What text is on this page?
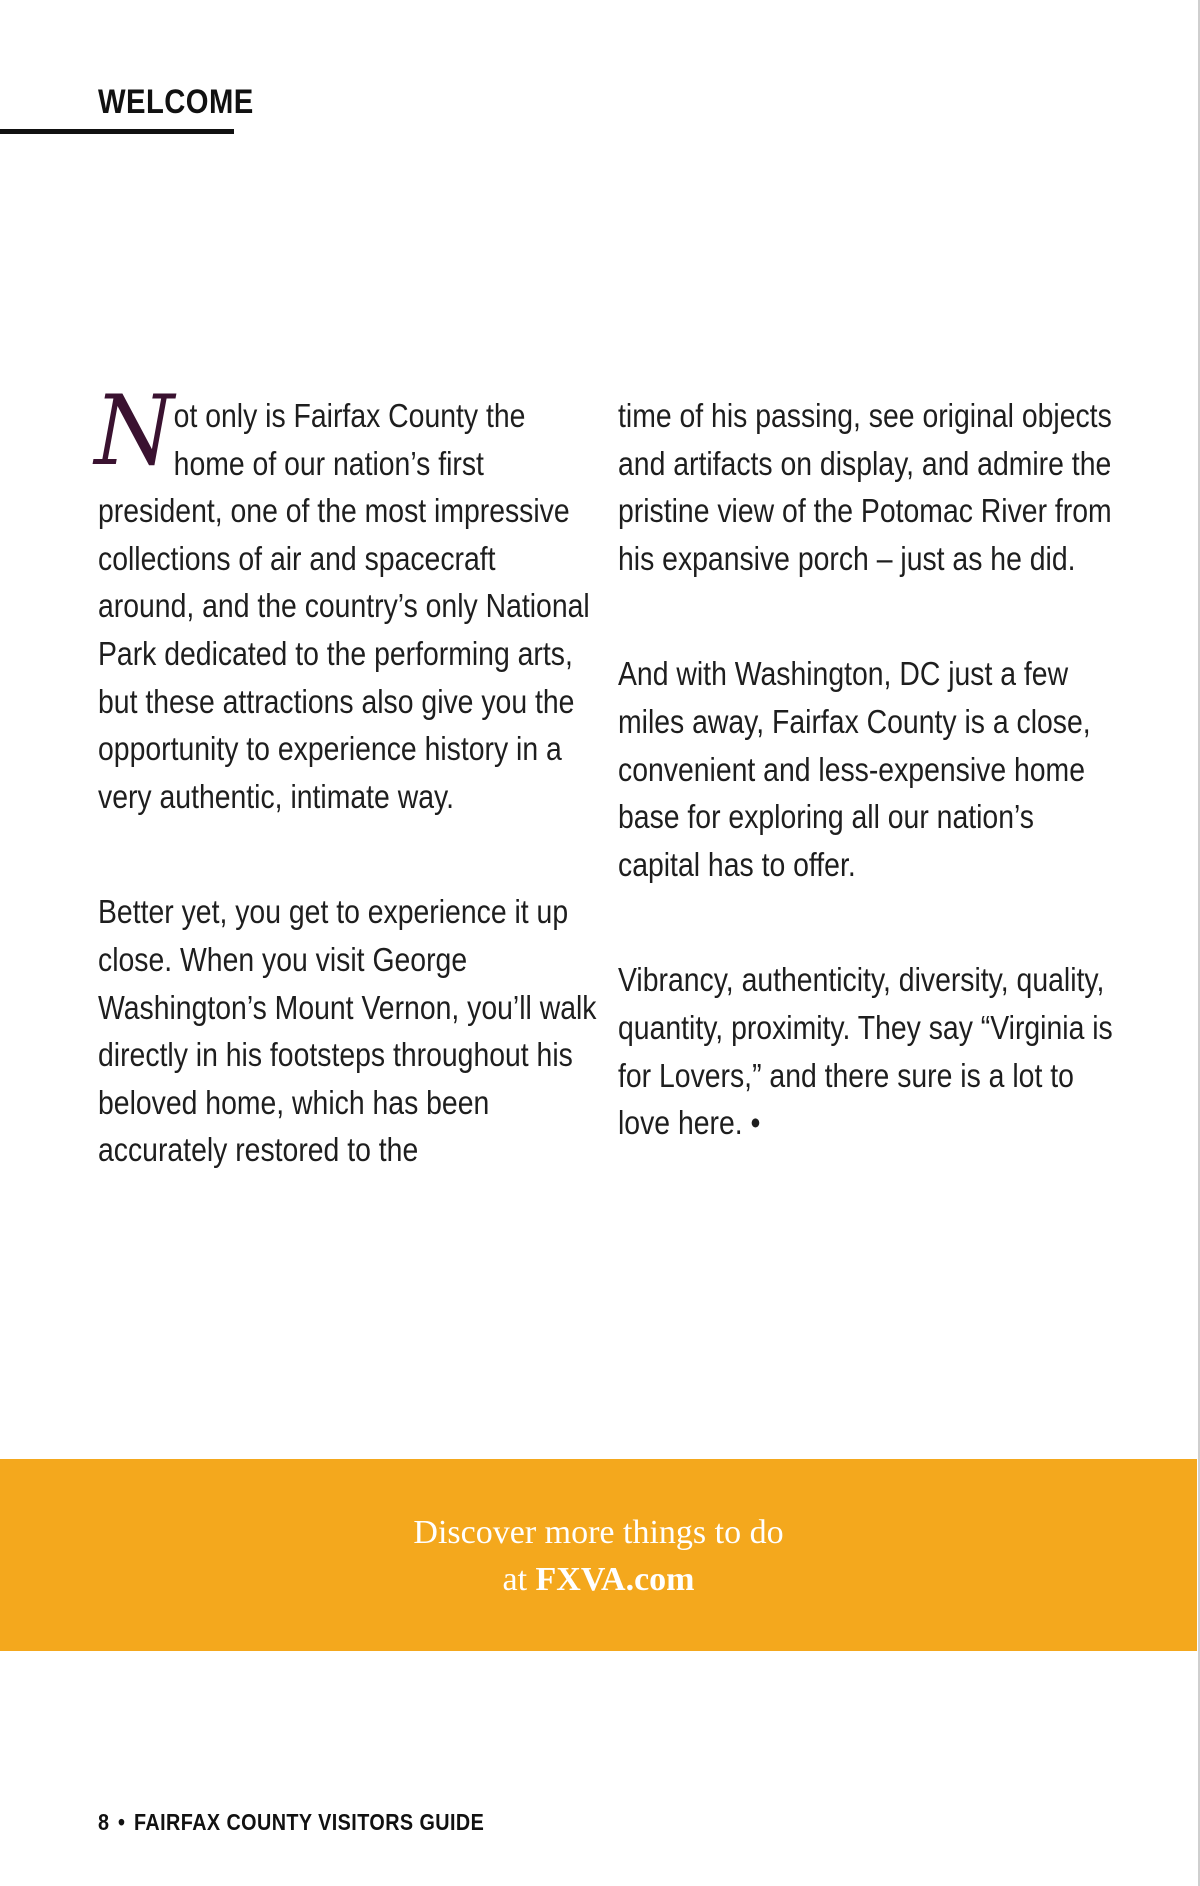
WELCOME

Not only is Fairfax County the home of our nation’s first president, one of the most impressive collections of air and spacecraft around, and the country’s only National Park dedicated to the performing arts, but these attractions also give you the opportunity to experience history in a very authentic, intimate way.

Better yet, you get to experience it up close. When you visit George Washington’s Mount Vernon, you’ll walk directly in his footsteps throughout his beloved home, which has been accurately restored to the

time of his passing, see original objects and artifacts on display, and admire the pristine view of the Potomac River from his expansive porch – just as he did.

And with Washington, DC just a few miles away, Fairfax County is a close, convenient and less-expensive home base for exploring all our nation’s capital has to offer.

Vibrancy, authenticity, diversity, quality, quantity, proximity. They say “Virginia is for Lovers,” and there sure is a lot to love here. •

Discover more things to do
at FXVA.com
8 • FAIRFAX COUNTY VISITORS GUIDE
